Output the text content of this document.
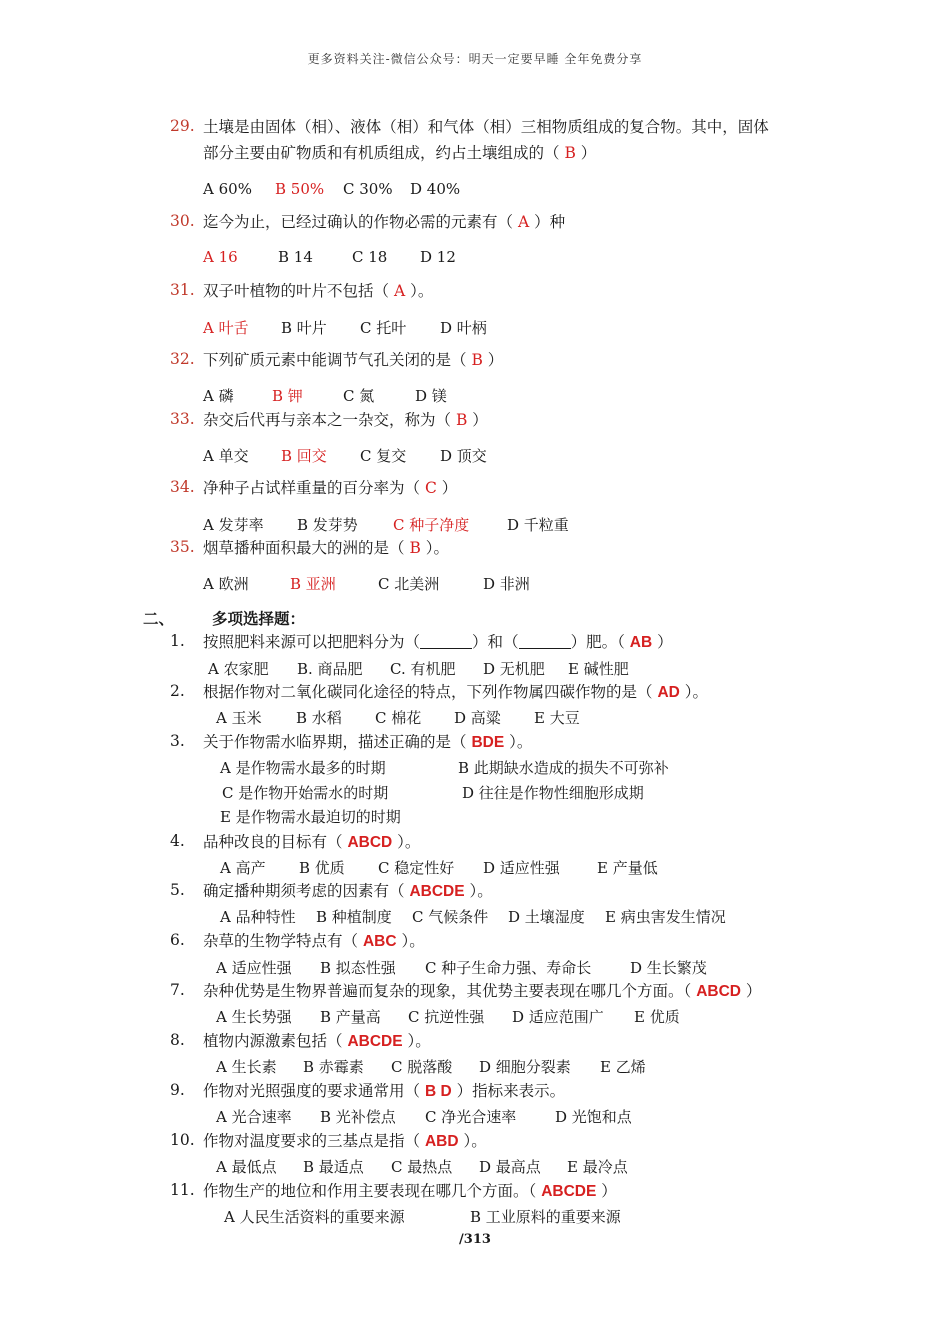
更多资料关注-微信公众号：明天一定要早睡 全年免费分享
29. 土壤是由固体（相）、液体（相）和气体（相）三相物质组成的复合物。其中，固体
部分主要由矿物质和有机质组成，约占土壤组成的（ B ）
A 60% B 50% C 30% D 40%
30. 迄今为止，已经过确认的作物必需的元素有（ A ）种
A 16	B 14	C 18 D 12
31. 双子叶植物的叶片不包括（ A ）。
A 叶舌 B 叶片 C 托叶 D 叶柄
32. 下列矿质元素中能调节气孔关闭的是（ B ）
A 磷	B 钾	C 氮	D 镁
33. 杂交后代再与亲本之一杂交，称为（ B ）
A 单交 B 回交 C 复交 D 顶交
34. 净种子占试样重量的百分率为（ C ）
A 发芽率 B 发芽势 C 种子净度	D 千粒重
35. 烟草播种面积最大的洲的是（ B ）。
A 欧洲	B 亚洲	C 北美洲	D 非洲
二、 多项选择题：
1.	按照肥料来源可以把肥料分为（	）和（	）肥。（ AB ）
A 农家肥 B. 商品肥 C. 有机肥 D 无机肥 E 碱性肥
2.	根据作物对二氧化碳同化途径的特点，下列作物属四碳作物的是（ AD ）。
A 玉米 B 水稻 C 棉花 D 高粱 E 大豆
3.	关于作物需水临界期，描述正确的是（ BDE ）。
A 是作物需水最多的时期	B 此期缺水造成的损失不可弥补
C 是作物开始需水的时期	D 往往是作物性细胞形成期
E 是作物需水最迫切的时期
4.	品种改良的目标有（ ABCD ）。
A 高产 B 优质 C 稳定性好 D 适应性强 E 产量低
5.	确定播种期须考虑的因素有（ ABCDE ）。
A 品种特性 B 种植制度 C 气候条件 D 土壤湿度 E 病虫害发生情况
6.	杂草的生物学特点有（ ABC ）。
A 适应性强 B 拟态性强 C 种子生命力强、寿命长	D 生长繁茂
7.	杂种优势是生物界普遍而复杂的现象，其优势主要表现在哪几个方面。（ ABCD ）
A 生长势强 B 产量高 C 抗逆性强 D 适应范围广 E 优质
8.	植物内源激素包括（ ABCDE ）。
A 生长素 B 赤霉素 C 脱落酸 D 细胞分裂素 E 乙烯
9.	作物对光照强度的要求通常用（ B D ）指标来表示。
A 光合速率 B 光补偿点 C 净光合速率	D 光饱和点
10. 作物对温度要求的三基点是指（ ABD ）。
A 最低点 B 最适点 C 最热点 D 最高点 E 最冷点
11. 作物生产的地位和作用主要表现在哪几个方面。（ ABCDE ）
A 人民生活资料的重要来源	B 工业原料的重要来源
/313
